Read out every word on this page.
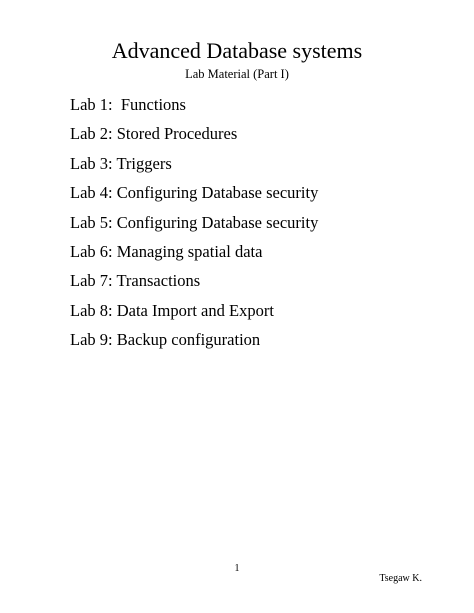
Advanced Database systems
Lab Material (Part I)
Lab 1:  Functions
Lab 2: Stored Procedures
Lab 3: Triggers
Lab 4: Configuring Database security
Lab 5: Configuring Database security
Lab 6: Managing spatial data
Lab 7: Transactions
Lab 8: Data Import and Export
Lab 9: Backup configuration
1
Tsegaw K.
